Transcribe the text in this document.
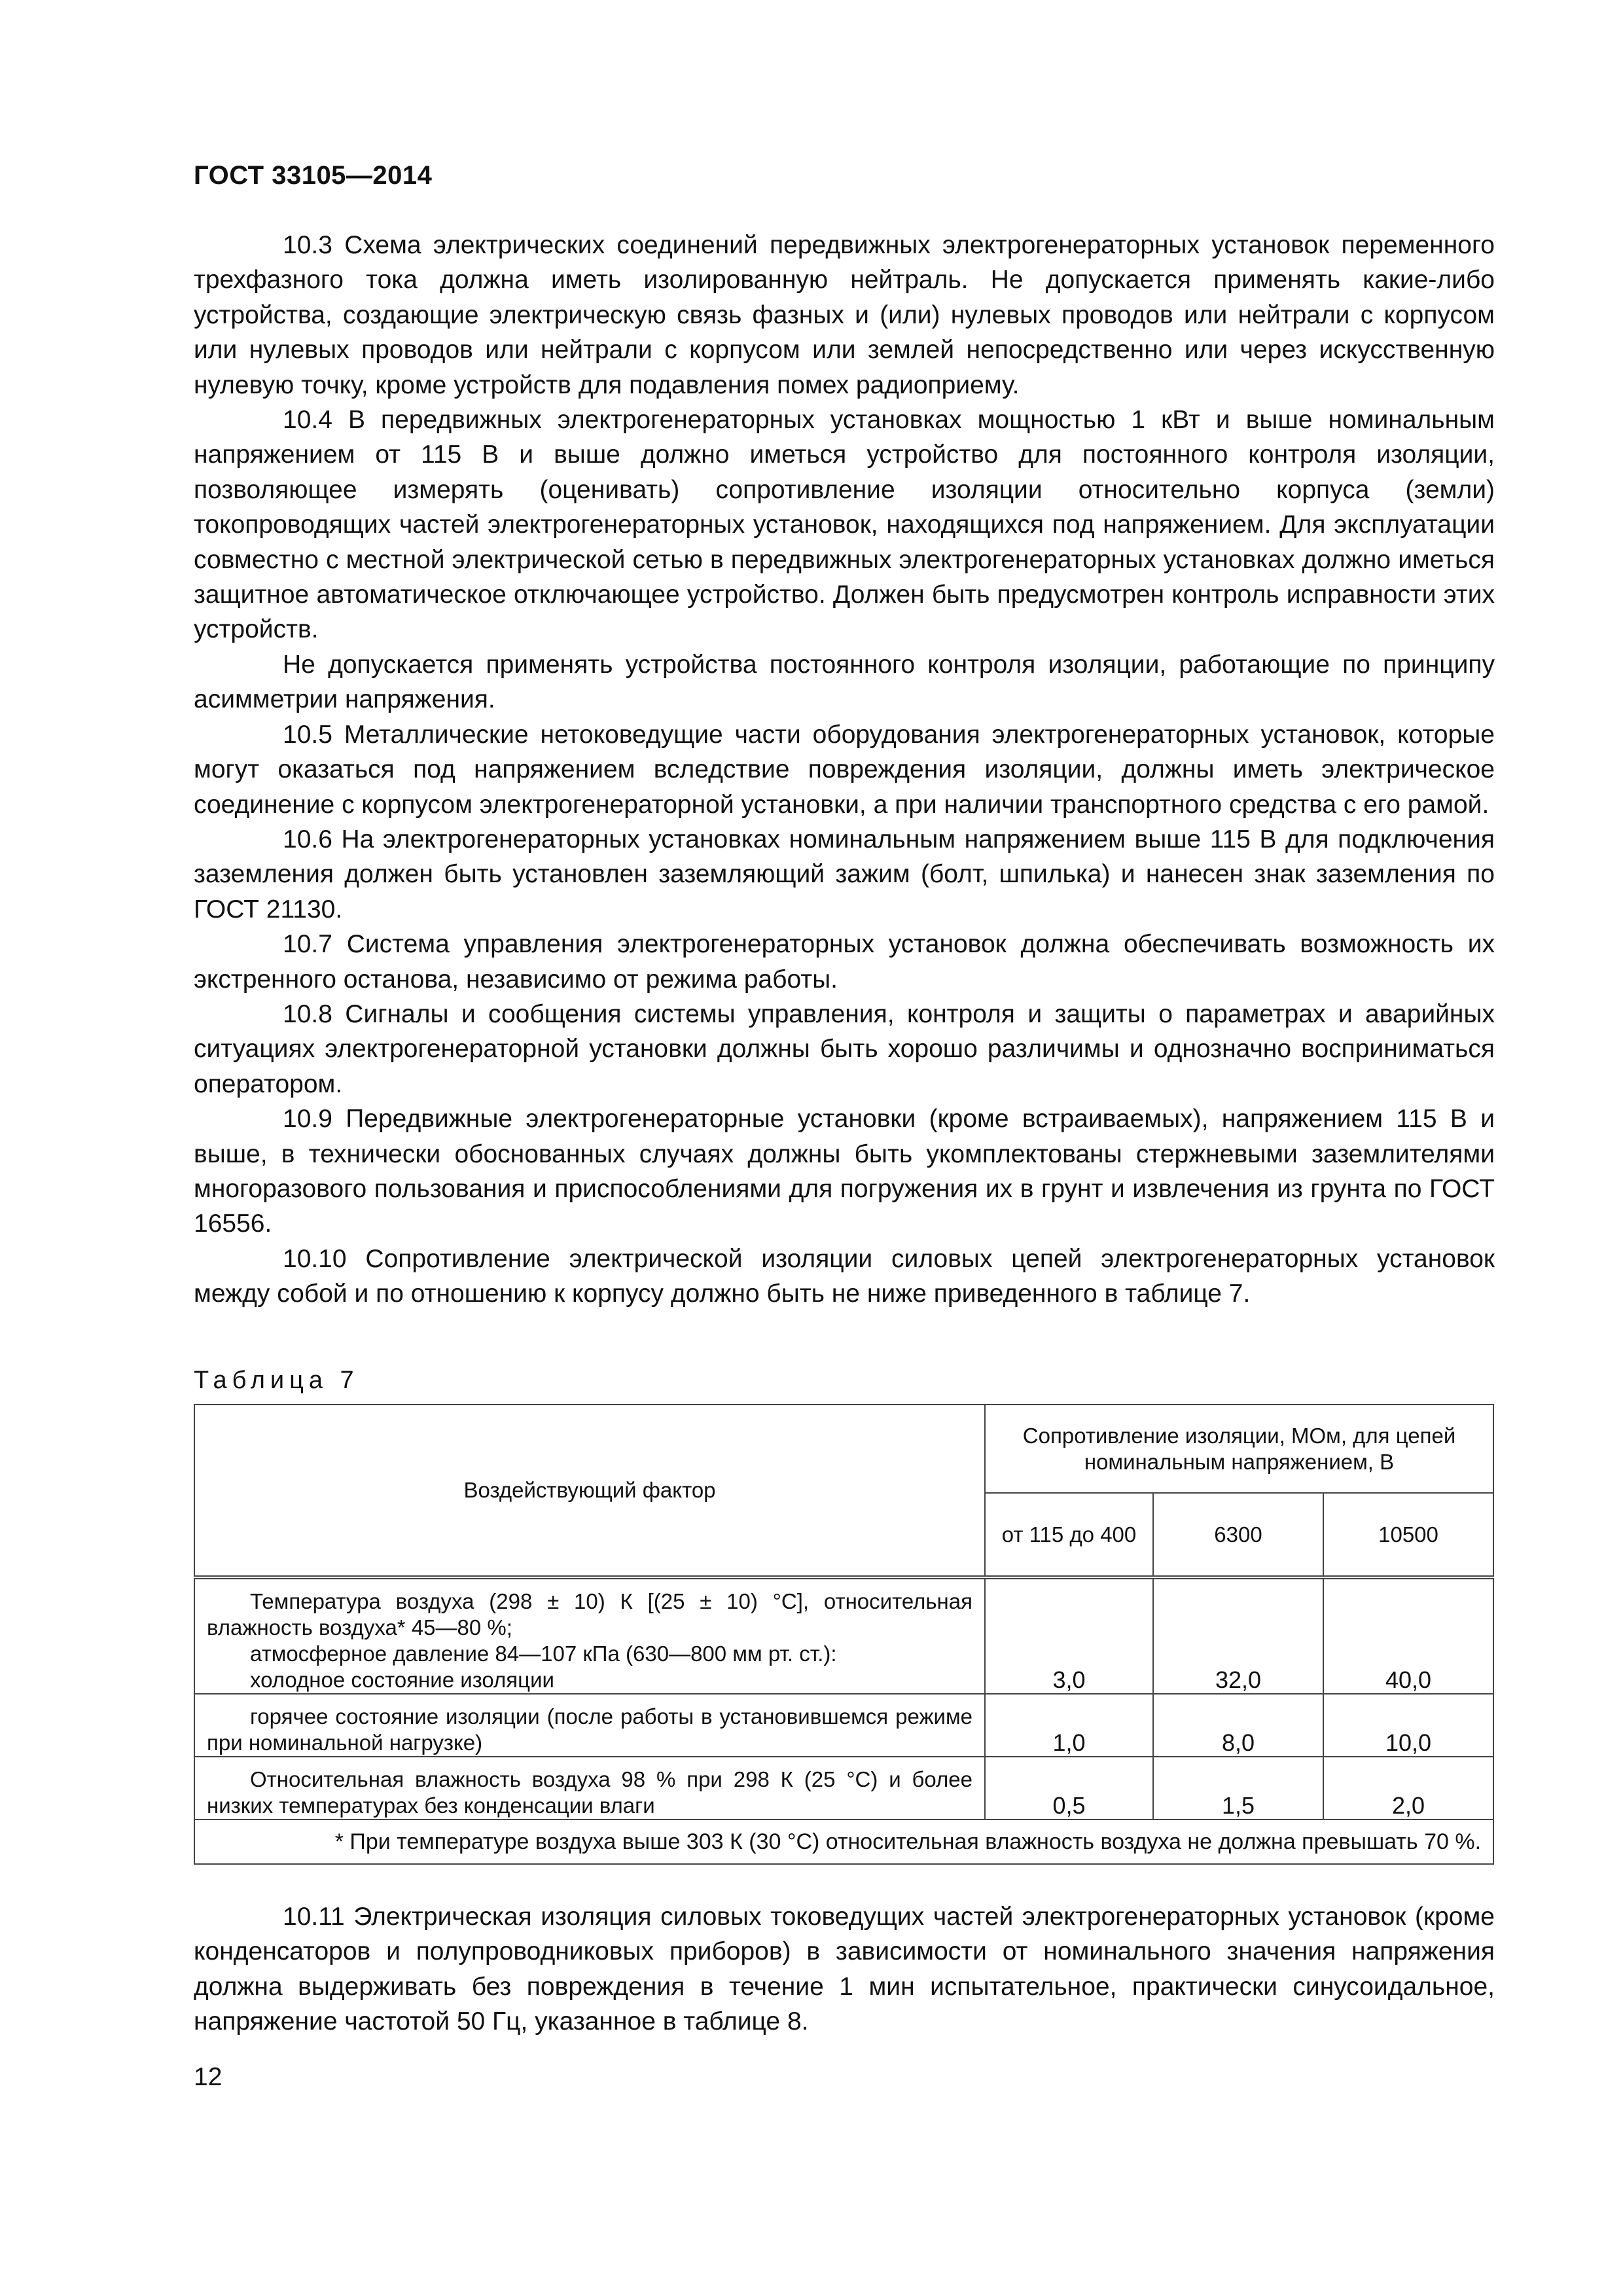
ГОСТ 33105—2014

10.3 Схема электрических соединений передвижных электрогенераторных установок переменного трехфазного тока должна иметь изолированную нейтраль. Не допускается применять какие-либо устройства, создающие электрическую связь фазных и (или) нулевых проводов или нейтрали с корпусом или нулевых проводов или нейтрали с корпусом или землей непосредственно или через искусственную нулевую точку, кроме устройств для подавления помех радиоприему.

10.4 В передвижных электрогенераторных установках мощностью 1 кВт и выше номинальным напряжением от 115 В и выше должно иметься устройство для постоянного контроля изоляции, позволяющее измерять (оценивать) сопротивление изоляции относительно корпуса (земли) токопроводящих частей электрогенераторных установок, находящихся под напряжением. Для эксплуатации совместно с местной электрической сетью в передвижных электрогенераторных установках должно иметься защитное автоматическое отключающее устройство. Должен быть предусмотрен контроль исправности этих устройств.

Не допускается применять устройства постоянного контроля изоляции, работающие по принципу асимметрии напряжения.

10.5 Металлические нетоковедущие части оборудования электрогенераторных установок, которые могут оказаться под напряжением вследствие повреждения изоляции, должны иметь электрическое соединение с корпусом электрогенераторной установки, а при наличии транспортного средства с его рамой.

10.6 На электрогенераторных установках номинальным напряжением выше 115 В для подключения заземления должен быть установлен заземляющий зажим (болт, шпилька) и нанесен знак заземления по ГОСТ 21130.

10.7 Система управления электрогенераторных установок должна обеспечивать возможность их экстренного останова, независимо от режима работы.

10.8 Сигналы и сообщения системы управления, контроля и защиты о параметрах и аварийных ситуациях электрогенераторной установки должны быть хорошо различимы и однозначно восприниматься оператором.

10.9 Передвижные электрогенераторные установки (кроме встраиваемых), напряжением 115 В и выше, в технически обоснованных случаях должны быть укомплектованы стержневыми заземлителями многоразового пользования и приспособлениями для погружения их в грунт и извлечения из грунта по ГОСТ 16556.

10.10 Сопротивление электрической изоляции силовых цепей электрогенераторных установок между собой и по отношению к корпусу должно быть не ниже приведенного в таблице 7.

Таблица 7
Воздействующий фактор	Сопротивление изоляции, МОм, для цепей номинальным напряжением, В		
	от 115 до 400	6300	10500

Температура воздуха (298 ± 10) К [(25 ± 10) °С], относительная влажность воздуха* 45—80 %;

атмосферное давление 84—107 кПа (630—800 мм рт. ст.):

холодное состояние изоляции	3,0	32,0	40,0

горячее состояние изоляции (после работы в установившемся режиме при номинальной нагрузке)	1,0	8,0	10,0

Относительная влажность воздуха 98 % при 298 К (25 °С) и более низких температурах без конденсации влаги	0,5	1,5	2,0
* При температуре воздуха выше 303 К (30 °С) относительная влажность воздуха не должна превышать 70 %.			

10.11 Электрическая изоляция силовых токоведущих частей электрогенераторных установок (кроме конденсаторов и полупроводниковых приборов) в зависимости от номинального значения напряжения должна выдерживать без повреждения в течение 1 мин испытательное, практически синусоидальное, напряжение частотой 50 Гц, указанное в таблице 8.

12
